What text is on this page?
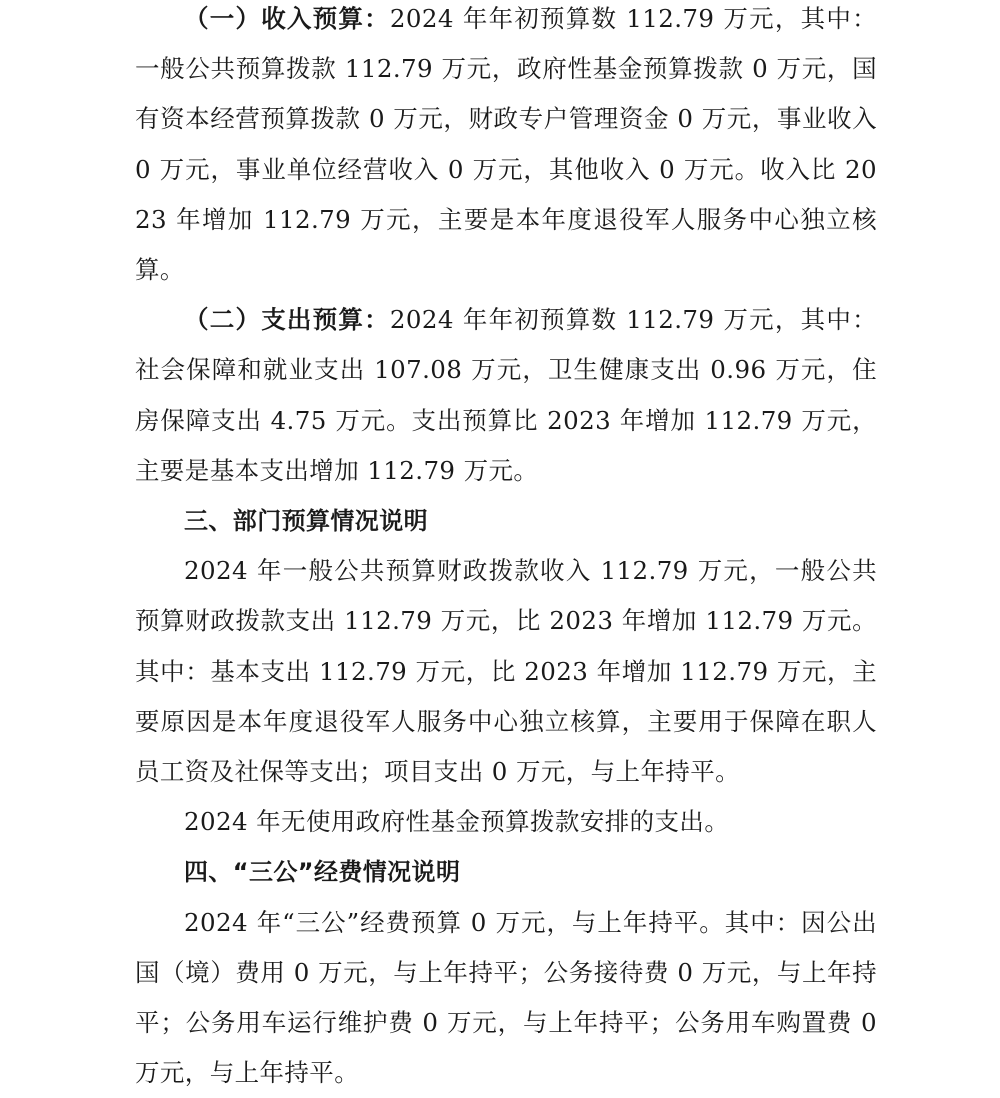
（一）收入预算：2024 年年初预算数 112.79 万元，其中：一般公共预算拨款 112.79 万元，政府性基金预算拨款 0 万元，国有资本经营预算拨款 0 万元，财政专户管理资金 0 万元，事业收入 0 万元，事业单位经营收入 0 万元，其他收入 0 万元。收入比 2023 年增加 112.79 万元，主要是本年度退役军人服务中心独立核算。

（二）支出预算：2024 年年初预算数 112.79 万元，其中：社会保障和就业支出 107.08 万元，卫生健康支出 0.96 万元，住房保障支出 4.75 万元。支出预算比 2023 年增加 112.79 万元，主要是基本支出增加 112.79 万元。

三、部门预算情况说明

2024 年一般公共预算财政拨款收入 112.79 万元，一般公共预算财政拨款支出 112.79 万元，比 2023 年增加 112.79 万元。其中：基本支出 112.79 万元，比 2023 年增加 112.79 万元，主要原因是本年度退役军人服务中心独立核算，主要用于保障在职人员工资及社保等支出；项目支出 0 万元，与上年持平。

2024 年无使用政府性基金预算拨款安排的支出。

四、“三公”经费情况说明

2024 年“三公”经费预算 0 万元，与上年持平。其中：因公出国（境）费用 0 万元，与上年持平；公务接待费 0 万元，与上年持平；公务用车运行维护费 0 万元，与上年持平；公务用车购置费 0 万元，与上年持平。
